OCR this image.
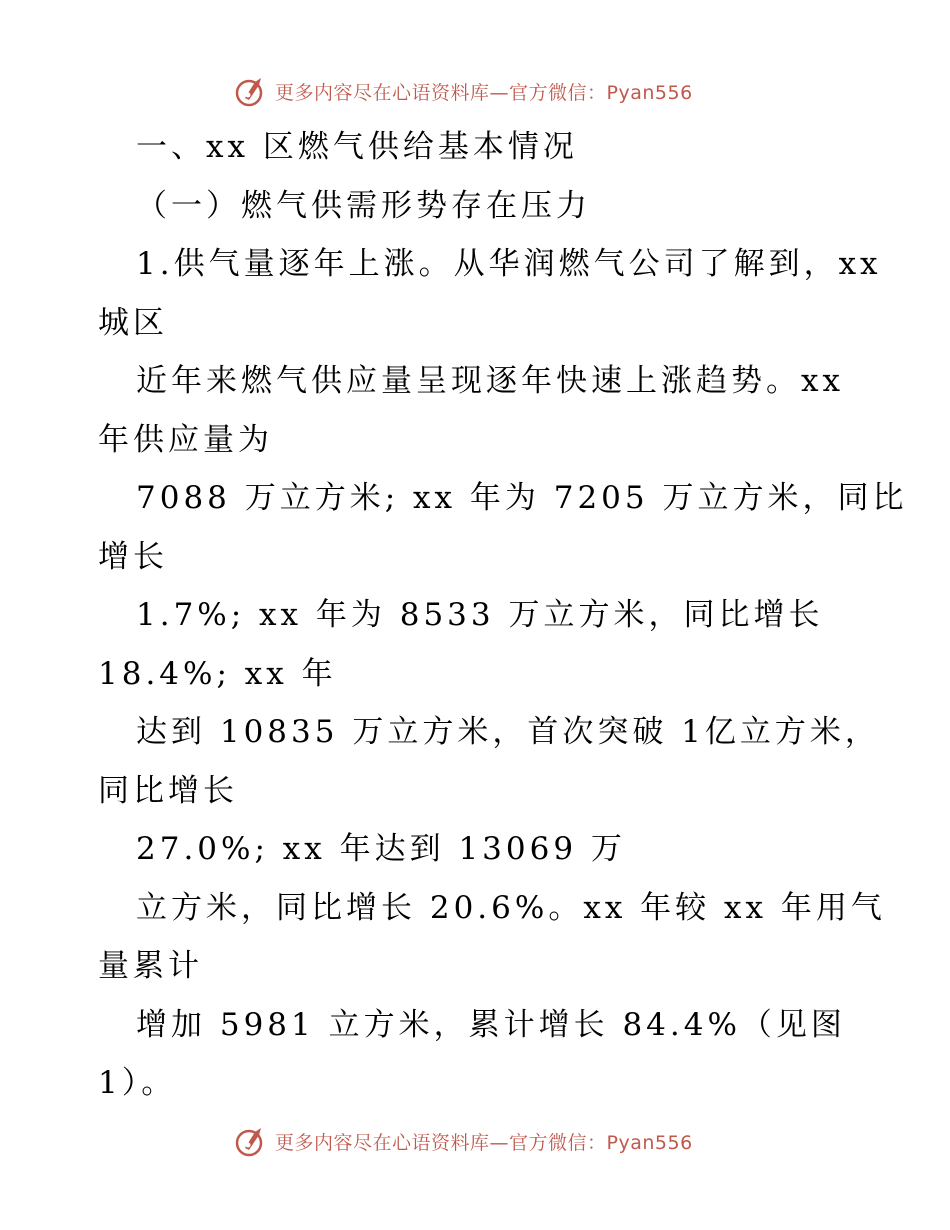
更多内容尽在心语资料库—官方微信：Pyan556
一、xx 区燃气供给基本情况
（一）燃气供需形势存在压力
1.供气量逐年上涨。从华润燃气公司了解到，xx
城区
近年来燃气供应量呈现逐年快速上涨趋势。xx
年供应量为
7088 万立方米; xx 年为 7205 万立方米，同比
增长
1.7%; xx 年为 8533 万立方米，同比增长
18.4%; xx 年
达到 10835 万立方米，首次突破 1亿立方米，
同比增长
27.0%; xx 年达到 13069 万
立方米，同比增长 20.6%。xx 年较 xx 年用气
量累计
增加 5981 立方米，累计增长 84.4%（见图
1）。
更多内容尽在心语资料库—官方微信：Pyan556
